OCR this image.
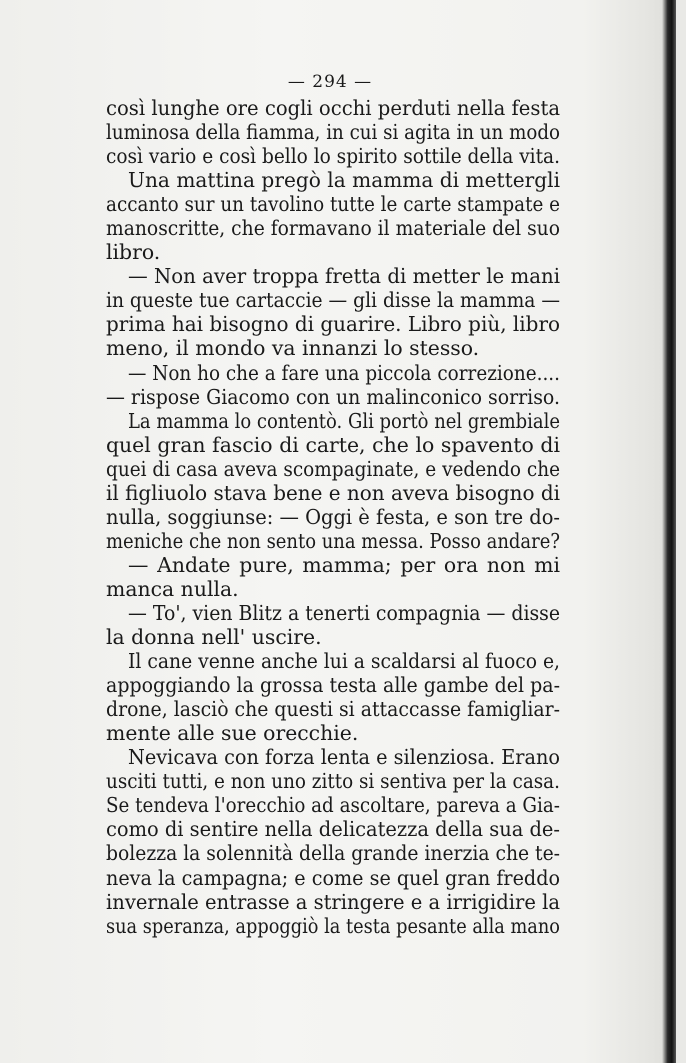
— 294 —
così lunghe ore cogli occhi perduti nella festa
luminosa della fiamma, in cui si agita in un modo
così vario e così bello lo spirito sottile della vita.
Una mattina pregò la mamma di mettergli
accanto sur un tavolino tutte le carte stampate e
manoscritte, che formavano il materiale del suo
libro.
— Non aver troppa fretta di metter le mani
in queste tue cartaccie — gli disse la mamma —
prima hai bisogno di guarire. Libro più, libro
meno, il mondo va innanzi lo stesso.
— Non ho che a fare una piccola correzione....
— rispose Giacomo con un malinconico sorriso.
La mamma lo contentò. Gli portò nel grembiale
quel gran fascio di carte, che lo spavento di
quei di casa aveva scompaginate, e vedendo che
il figliuolo stava bene e non aveva bisogno di
nulla, soggiunse: — Oggi è festa, e son tre do-
meniche che non sento una messa. Posso andare?
— Andate pure, mamma; per ora non mi
manca nulla.
— To', vien Blitz a tenerti compagnia — disse
la donna nell' uscire.
Il cane venne anche lui a scaldarsi al fuoco e,
appoggiando la grossa testa alle gambe del pa-
drone, lasciò che questi si attaccasse famigliar-
mente alle sue orecchie.
Nevicava con forza lenta e silenziosa. Erano
usciti tutti, e non uno zitto si sentiva per la casa.
Se tendeva l'orecchio ad ascoltare, pareva a Gia-
como di sentire nella delicatezza della sua de-
bolezza la solennità della grande inerzia che te-
neva la campagna; e come se quel gran freddo
invernale entrasse a stringere e a irrigidire la
sua speranza, appoggiò la testa pesante alla mano
